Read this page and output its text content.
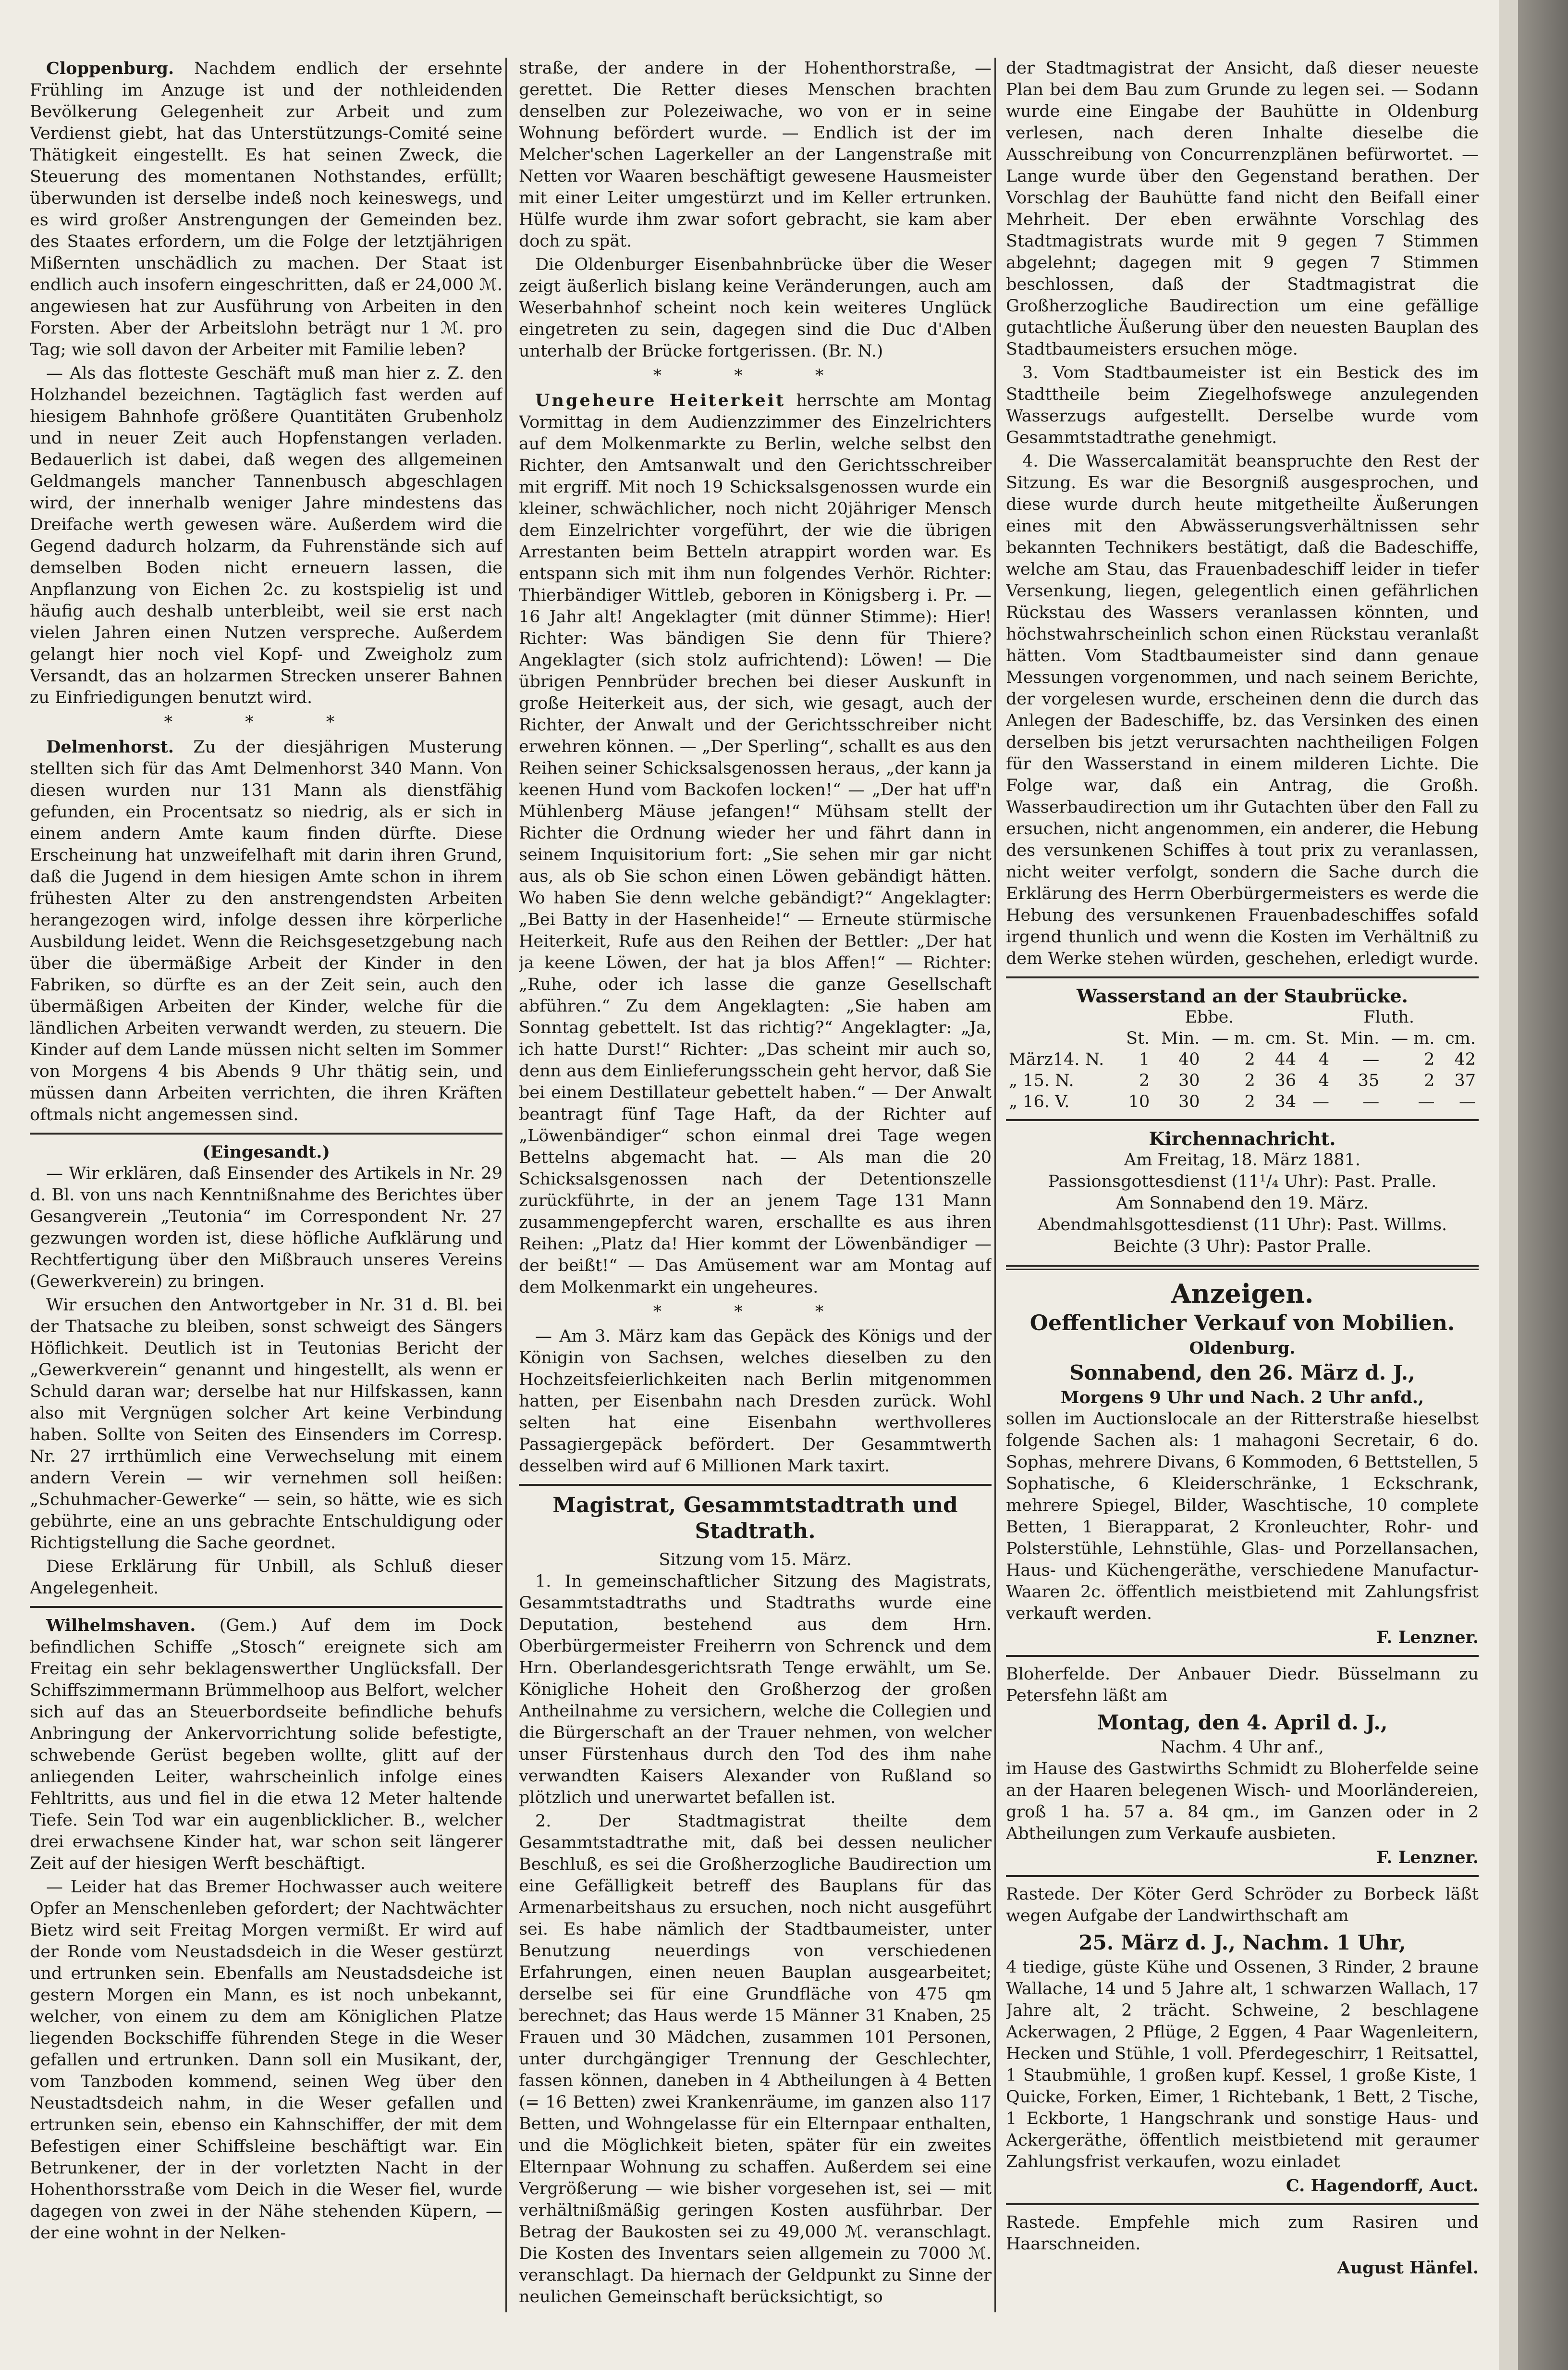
Cloppenburg. Nachdem endlich der ersehnte Frühling im Anzuge ist und der nothleidenden Bevölkerung Gelegenheit zur Arbeit und zum Verdienst giebt, hat das Unterstützungs-Comité seine Thätigkeit eingestellt. Es hat seinen Zweck, die Steuerung des momentanen Nothstandes, erfüllt; überwunden ist derselbe indeß noch keineswegs, und es wird großer Anstrengungen der Gemeinden bez. des Staates erfordern, um die Folge der letztjährigen Mißernten unschädlich zu machen. Der Staat ist endlich auch insofern eingeschritten, daß er 24,000 ℳ. angewiesen hat zur Ausführung von Arbeiten in den Forsten. Aber der Arbeitslohn beträgt nur 1 ℳ. pro Tag; wie soll davon der Arbeiter mit Familie leben?

— Als das flotteste Geschäft muß man hier z. Z. den Holzhandel bezeichnen. Tagtäglich fast werden auf hiesigem Bahnhofe größere Quantitäten Grubenholz und in neuer Zeit auch Hopfenstangen verladen. Bedauerlich ist dabei, daß wegen des allgemeinen Geldmangels mancher Tannenbusch abgeschlagen wird, der innerhalb weniger Jahre mindestens das Dreifache werth gewesen wäre. Außerdem wird die Gegend dadurch holzarm, da Fuhrenstände sich auf demselben Boden nicht erneuern lassen, die Anpflanzung von Eichen 2c. zu kostspielig ist und häufig auch deshalb unterbleibt, weil sie erst nach vielen Jahren einen Nutzen verspreche. Außerdem gelangt hier noch viel Kopf- und Zweigholz zum Versandt, das an holzarmen Strecken unserer Bahnen zu Einfriedigungen benutzt wird.

* * *

Delmenhorst. Zu der diesjährigen Musterung stellten sich für das Amt Delmenhorst 340 Mann. Von diesen wurden nur 131 Mann als dienstfähig gefunden, ein Procentsatz so niedrig, als er sich in einem andern Amte kaum finden dürfte. Diese Erscheinung hat unzweifelhaft mit darin ihren Grund, daß die Jugend in dem hiesigen Amte schon in ihrem frühesten Alter zu den anstrengendsten Arbeiten herangezogen wird, infolge dessen ihre körperliche Ausbildung leidet. Wenn die Reichsgesetzgebung nach über die übermäßige Arbeit der Kinder in den Fabriken, so dürfte es an der Zeit sein, auch den übermäßigen Arbeiten der Kinder, welche für die ländlichen Arbeiten verwandt werden, zu steuern. Die Kinder auf dem Lande müssen nicht selten im Sommer von Morgens 4 bis Abends 9 Uhr thätig sein, und müssen dann Arbeiten verrichten, die ihren Kräften oftmals nicht angemessen sind.

(Eingesandt.)

— Wir erklären, daß Einsender des Artikels in Nr. 29 d. Bl. von uns nach Kenntnißnahme des Berichtes über Gesangverein „Teutonia“ im Correspondent Nr. 27 gezwungen worden ist, diese höfliche Aufklärung und Rechtfertigung über den Mißbrauch unseres Vereins (Gewerkverein) zu bringen.

Wir ersuchen den Antwortgeber in Nr. 31 d. Bl. bei der Thatsache zu bleiben, sonst schweigt des Sängers Höflichkeit. Deutlich ist in Teutonias Bericht der „Gewerkverein“ genannt und hingestellt, als wenn er Schuld daran war; derselbe hat nur Hilfskassen, kann also mit Vergnügen solcher Art keine Verbindung haben. Sollte von Seiten des Einsenders im Corresp. Nr. 27 irrthümlich eine Verwechselung mit einem andern Verein — wir vernehmen soll heißen: „Schuhmacher-Gewerke“ — sein, so hätte, wie es sich gebührte, eine an uns gebrachte Entschuldigung oder Richtigstellung die Sache geordnet.

Diese Erklärung für Unbill, als Schluß dieser Angelegenheit.

Wilhelmshaven. (Gem.) Auf dem im Dock befindlichen Schiffe „Stosch“ ereignete sich am Freitag ein sehr beklagenswerther Unglücksfall. Der Schiffszimmermann Brümmelhoop aus Belfort, welcher sich auf das an Steuerbordseite befindliche behufs Anbringung der Ankervorrichtung solide befestigte, schwebende Gerüst begeben wollte, glitt auf der anliegenden Leiter, wahrscheinlich infolge eines Fehltritts, aus und fiel in die etwa 12 Meter haltende Tiefe. Sein Tod war ein augenblicklicher. B., welcher drei erwachsene Kinder hat, war schon seit längerer Zeit auf der hiesigen Werft beschäftigt.

— Leider hat das Bremer Hochwasser auch weitere Opfer an Menschenleben gefordert; der Nachtwächter Bietz wird seit Freitag Morgen vermißt. Er wird auf der Ronde vom Neustadsdeich in die Weser gestürzt und ertrunken sein. Ebenfalls am Neustadsdeiche ist gestern Morgen ein Mann, es ist noch unbekannt, welcher, von einem zu dem am Königlichen Platze liegenden Bockschiffe führenden Stege in die Weser gefallen und ertrunken. Dann soll ein Musikant, der, vom Tanzboden kommend, seinen Weg über den Neustadtsdeich nahm, in die Weser gefallen und ertrunken sein, ebenso ein Kahnschiffer, der mit dem Befestigen einer Schiffsleine beschäftigt war. Ein Betrunkener, der in der vorletzten Nacht in der Hohenthorsstraße vom Deich in die Weser fiel, wurde dagegen von zwei in der Nähe stehenden Küpern, — der eine wohnt in der Nelken-

straße, der andere in der Hohenthorstraße, — gerettet. Die Retter dieses Menschen brachten denselben zur Polezeiwache, wo von er in seine Wohnung befördert wurde. — Endlich ist der im Melcher'schen Lagerkeller an der Langenstraße mit Netten vor Waaren beschäftigt gewesene Hausmeister mit einer Leiter umgestürzt und im Keller ertrunken. Hülfe wurde ihm zwar sofort gebracht, sie kam aber doch zu spät.

Die Oldenburger Eisenbahnbrücke über die Weser zeigt äußerlich bislang keine Veränderungen, auch am Weserbahnhof scheint noch kein weiteres Unglück eingetreten zu sein, dagegen sind die Duc d'Alben unterhalb der Brücke fortgerissen. (Br. N.)

* * *

Ungeheure Heiterkeit herrschte am Montag Vormittag in dem Audienzzimmer des Einzelrichters auf dem Molkenmarkte zu Berlin, welche selbst den Richter, den Amtsanwalt und den Gerichtsschreiber mit ergriff. Mit noch 19 Schicksalsgenossen wurde ein kleiner, schwächlicher, noch nicht 20jähriger Mensch dem Einzelrichter vorgeführt, der wie die übrigen Arrestanten beim Betteln atrappirt worden war. Es entspann sich mit ihm nun folgendes Verhör. Richter: Thierbändiger Wittleb, geboren in Königsberg i. Pr. — 16 Jahr alt! Angeklagter (mit dünner Stimme): Hier! Richter: Was bändigen Sie denn für Thiere? Angeklagter (sich stolz aufrichtend): Löwen! — Die übrigen Pennbrüder brechen bei dieser Auskunft in große Heiterkeit aus, der sich, wie gesagt, auch der Richter, der Anwalt und der Gerichtsschreiber nicht erwehren können. — „Der Sperling“, schallt es aus den Reihen seiner Schicksalsgenossen heraus, „der kann ja keenen Hund vom Backofen locken!“ — „Der hat uff'n Mühlenberg Mäuse jefangen!“ Mühsam stellt der Richter die Ordnung wieder her und fährt dann in seinem Inquisitorium fort: „Sie sehen mir gar nicht aus, als ob Sie schon einen Löwen gebändigt hätten. Wo haben Sie denn welche gebändigt?“ Angeklagter: „Bei Batty in der Hasenheide!“ — Erneute stürmische Heiterkeit, Rufe aus den Reihen der Bettler: „Der hat ja keene Löwen, der hat ja blos Affen!“ — Richter: „Ruhe, oder ich lasse die ganze Gesellschaft abführen.“ Zu dem Angeklagten: „Sie haben am Sonntag gebettelt. Ist das richtig?“ Angeklagter: „Ja, ich hatte Durst!“ Richter: „Das scheint mir auch so, denn aus dem Einlieferungsschein geht hervor, daß Sie bei einem Destillateur gebettelt haben.“ — Der Anwalt beantragt fünf Tage Haft, da der Richter auf „Löwenbändiger“ schon einmal drei Tage wegen Bettelns abgemacht hat. — Als man die 20 Schicksalsgenossen nach der Detentionszelle zurückführte, in der an jenem Tage 131 Mann zusammengepfercht waren, erschallte es aus ihren Reihen: „Platz da! Hier kommt der Löwenbändiger — der beißt!“ — Das Amüsement war am Montag auf dem Molkenmarkt ein ungeheures.

* * *

— Am 3. März kam das Gepäck des Königs und der Königin von Sachsen, welches dieselben zu den Hochzeitsfeierlichkeiten nach Berlin mitgenommen hatten, per Eisenbahn nach Dresden zurück. Wohl selten hat eine Eisenbahn werthvolleres Passagiergepäck befördert. Der Gesammtwerth desselben wird auf 6 Millionen Mark taxirt.

Magistrat, Gesammtstadtrath und Stadtrath.
Sitzung vom 15. März.

1. In gemeinschaftlicher Sitzung des Magistrats, Gesammtstadtraths und Stadtraths wurde eine Deputation, bestehend aus dem Hrn. Oberbürgermeister Freiherrn von Schrenck und dem Hrn. Oberlandesgerichtsrath Tenge erwählt, um Se. Königliche Hoheit den Großherzog der großen Antheilnahme zu versichern, welche die Collegien und die Bürgerschaft an der Trauer nehmen, von welcher unser Fürstenhaus durch den Tod des ihm nahe verwandten Kaisers Alexander von Rußland so plötzlich und unerwartet befallen ist.

2. Der Stadtmagistrat theilte dem Gesammtstadtrathe mit, daß bei dessen neulicher Beschluß, es sei die Großherzogliche Baudirection um eine Gefälligkeit betreff des Bauplans für das Armenarbeitshaus zu ersuchen, noch nicht ausgeführt sei. Es habe nämlich der Stadtbaumeister, unter Benutzung neuerdings von verschiedenen Erfahrungen, einen neuen Bauplan ausgearbeitet; derselbe sei für eine Grundfläche von 475 qm berechnet; das Haus werde 15 Männer 31 Knaben, 25 Frauen und 30 Mädchen, zusammen 101 Personen, unter durchgängiger Trennung der Geschlechter, fassen können, daneben in 4 Abtheilungen à 4 Betten (= 16 Betten) zwei Krankenräume, im ganzen also 117 Betten, und Wohngelasse für ein Elternpaar enthalten, und die Möglichkeit bieten, später für ein zweites Elternpaar Wohnung zu schaffen. Außerdem sei eine Vergrößerung — wie bisher vorgesehen ist, sei — mit verhältnißmäßig geringen Kosten ausführbar. Der Betrag der Baukosten sei zu 49,000 ℳ. veranschlagt. Die Kosten des Inventars seien allgemein zu 7000 ℳ. veranschlagt. Da hiernach der Geldpunkt zu Sinne der neulichen Gemeinschaft berücksichtigt, so

der Stadtmagistrat der Ansicht, daß dieser neueste Plan bei dem Bau zum Grunde zu legen sei. — Sodann wurde eine Eingabe der Bauhütte in Oldenburg verlesen, nach deren Inhalte dieselbe die Ausschreibung von Concurrenzplänen befürwortet. — Lange wurde über den Gegenstand berathen. Der Vorschlag der Bauhütte fand nicht den Beifall einer Mehrheit. Der eben erwähnte Vorschlag des Stadtmagistrats wurde mit 9 gegen 7 Stimmen abgelehnt; dagegen mit 9 gegen 7 Stimmen beschlossen, daß der Stadtmagistrat die Großherzogliche Baudirection um eine gefällige gutachtliche Äußerung über den neuesten Bauplan des Stadtbaumeisters ersuchen möge.

3. Vom Stadtbaumeister ist ein Bestick des im Stadttheile beim Ziegelhofswege anzulegenden Wasserzugs aufgestellt. Derselbe wurde vom Gesammtstadtrathe genehmigt.

4. Die Wassercalamität beanspruchte den Rest der Sitzung. Es war die Besorgniß ausgesprochen, und diese wurde durch heute mitgetheilte Äußerungen eines mit den Abwässerungsverhältnissen sehr bekannten Technikers bestätigt, daß die Badeschiffe, welche am Stau, das Frauenbadeschiff leider in tiefer Versenkung, liegen, gelegentlich einen gefährlichen Rückstau des Wassers veranlassen könnten, und höchstwahrscheinlich schon einen Rückstau veranlaßt hätten. Vom Stadtbaumeister sind dann genaue Messungen vorgenommen, und nach seinem Berichte, der vorgelesen wurde, erscheinen denn die durch das Anlegen der Badeschiffe, bz. das Versinken des einen derselben bis jetzt verursachten nachtheiligen Folgen für den Wasserstand in einem milderen Lichte. Die Folge war, daß ein Antrag, die Großh. Wasserbaudirection um ihr Gutachten über den Fall zu ersuchen, nicht angenommen, ein anderer, die Hebung des versunkenen Schiffes à tout prix zu veranlassen, nicht weiter verfolgt, sondern die Sache durch die Erklärung des Herrn Oberbürgermeisters es werde die Hebung des versunkenen Frauenbadeschiffes sofald irgend thunlich und wenn die Kosten im Verhältniß zu dem Werke stehen würden, geschehen, erledigt wurde.

Wasserstand an der Staubrücke.
	Ebbe.				Fluth.			
	St.	Min.	— m.	cm.	St.	Min.	— m.	cm.
März14. N.	1	40	2	44	4	—	2	42
„ 15. N.	2	30	2	36	4	35	2	37
„ 16. V.	10	30	2	34	—	—	—	—
Kirchennachricht.
Am Freitag, 18. März 1881.
Passionsgottesdienst (11¹/₄ Uhr): Past. Pralle.
Am Sonnabend den 19. März.
Abendmahlsgottesdienst (11 Uhr): Past. Willms.
Beichte (3 Uhr): Pastor Pralle.
Anzeigen.
Oeffentlicher Verkauf von Mobilien.
Oldenburg.
Sonnabend, den 26. März d. J.,
Morgens 9 Uhr und Nach. 2 Uhr anfd.,

sollen im Auctionslocale an der Ritterstraße hieselbst folgende Sachen als: 1 mahagoni Secretair, 6 do. Sophas, mehrere Divans, 6 Kommoden, 6 Bettstellen, 5 Sophatische, 6 Kleiderschränke, 1 Eckschrank, mehrere Spiegel, Bilder, Waschtische, 10 complete Betten, 1 Bierapparat, 2 Kronleuchter, Rohr- und Polsterstühle, Lehnstühle, Glas- und Porzellansachen, Haus- und Küchengeräthe, verschiedene Manufactur-Waaren 2c. öffentlich meistbietend mit Zahlungsfrist verkauft werden.

F. Lenzner.

Bloherfelde. Der Anbauer Diedr. Büsselmann zu Petersfehn läßt am

Montag, den 4. April d. J.,
Nachm. 4 Uhr anf.,

im Hause des Gastwirths Schmidt zu Bloherfelde seine an der Haaren belegenen Wisch- und Moorländereien, groß 1 ha. 57 a. 84 qm., im Ganzen oder in 2 Abtheilungen zum Verkaufe ausbieten.

F. Lenzner.

Rastede. Der Köter Gerd Schröder zu Borbeck läßt wegen Aufgabe der Landwirthschaft am

25. März d. J., Nachm. 1 Uhr,

4 tiedige, güste Kühe und Ossenen, 3 Rinder, 2 braune Wallache, 14 und 5 Jahre alt, 1 schwarzen Wallach, 17 Jahre alt, 2 trächt. Schweine, 2 beschlagene Ackerwagen, 2 Pflüge, 2 Eggen, 4 Paar Wagenleitern, Hecken und Stühle, 1 voll. Pferdegeschirr, 1 Reitsattel, 1 Staubmühle, 1 großen kupf. Kessel, 1 große Kiste, 1 Quicke, Forken, Eimer, 1 Richtebank, 1 Bett, 2 Tische, 1 Eckborte, 1 Hangschrank und sonstige Haus- und Ackergeräthe, öffentlich meistbietend mit geraumer Zahlungsfrist verkaufen, wozu einladet

C. Hagendorff, Auct.

Rastede. Empfehle mich zum Rasiren und Haarschneiden.

August Hänfel.
